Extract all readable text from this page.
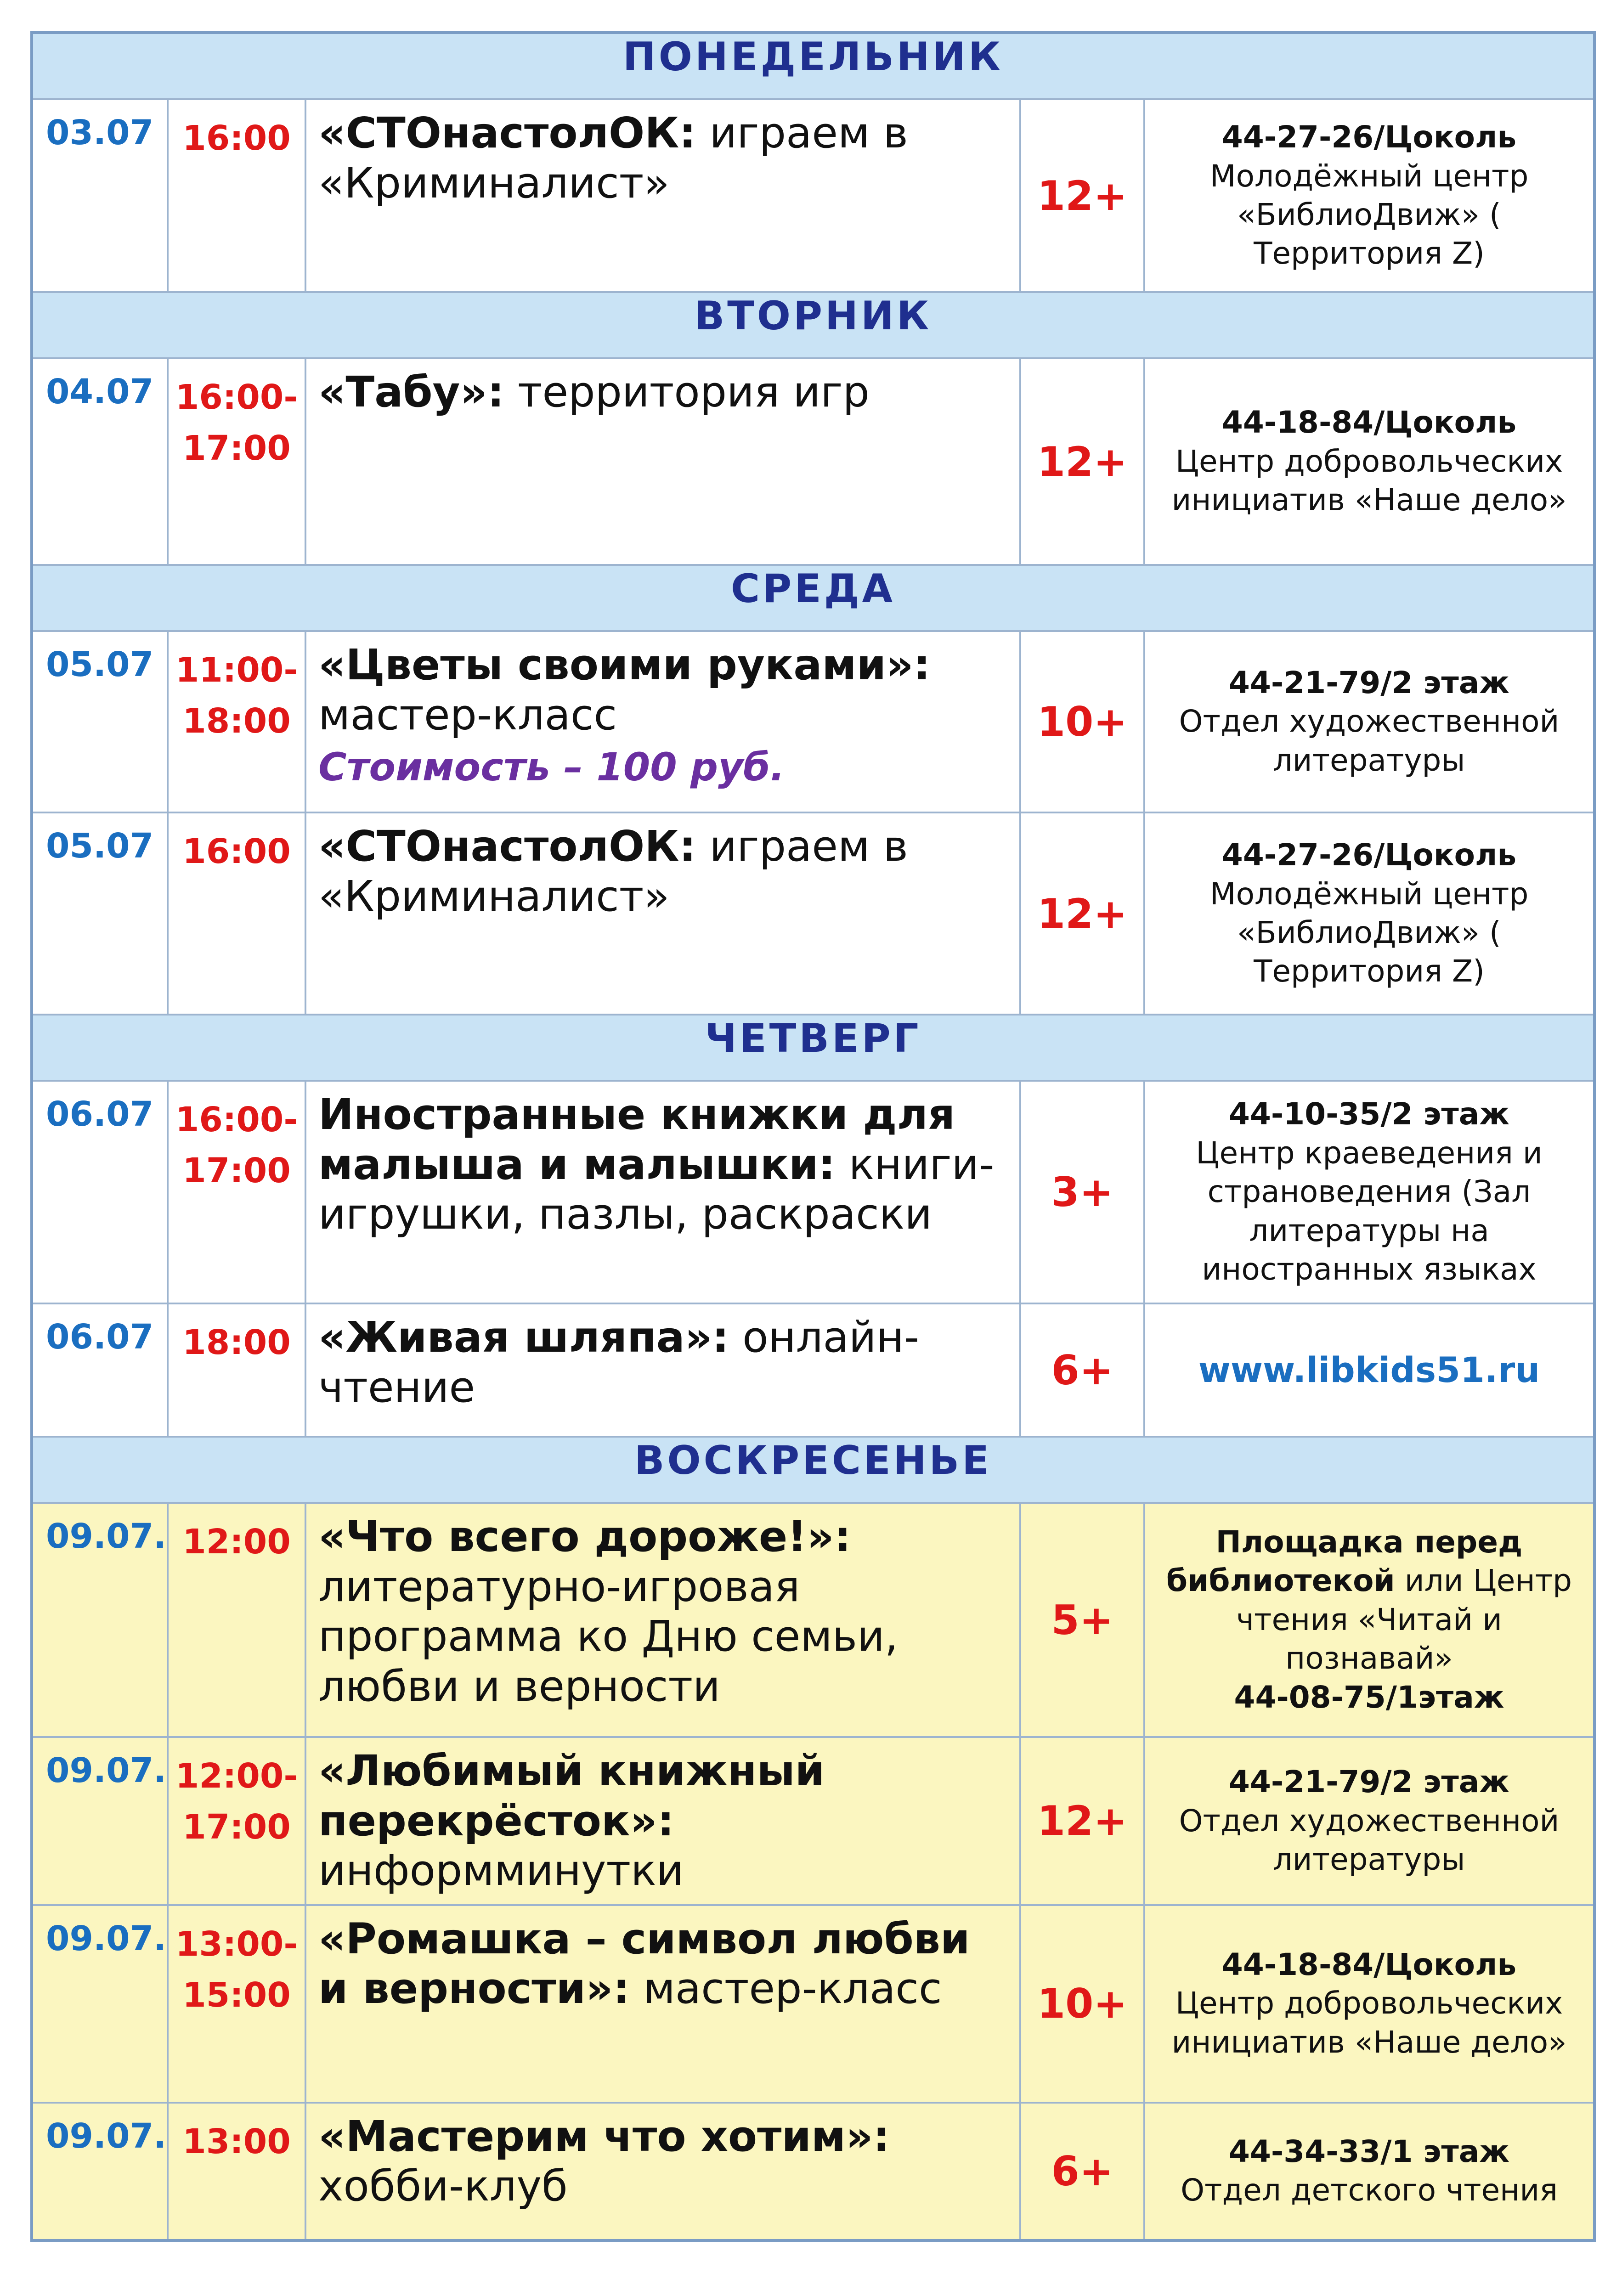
ПОНЕДЕЛЬНИК				
03.07	16:00	«СТОнастолОК: играем в «Криминалист»	12+	44-27-26/Цоколь
Молодёжный центр «БиблиоДвиж» ( Территория Z)
ВТОРНИК				
04.07	16:00-17:00	«Табу»: территория игр	12+	44-18-84/Цоколь
Центр добровольческих инициатив «Наше дело»
СРЕДА				
05.07	11:00-18:00	«Цветы своими руками»: мастер-класс
Стоимость – 100 руб.	10+	44-21-79/2 этаж
Отдел художественной литературы
05.07	16:00	«СТОнастолОК: играем в «Криминалист»	12+	44-27-26/Цоколь
Молодёжный центр «БиблиоДвиж» ( Территория Z)
ЧЕТВЕРГ				
06.07	16:00-17:00	Иностранные книжки для малыша и малышки: книги-игрушки, пазлы, раскраски	3+	44-10-35/2 этаж
Центр краеведения и страноведения (Зал литературы на иностранных языках
06.07	18:00	«Живая шляпа»: онлайн-чтение	6+	www.libkids51.ru
ВОСКРЕСЕНЬЕ				
09.07.	12:00	«Что всего дороже!»: литературно-игровая программа ко Дню семьи, любви и верности	5+	Площадка перед библиотекой или Центр чтения «Читай и познавай»
44-08-75/1этаж
09.07.	12:00-17:00	«Любимый книжный перекрёсток»: информминутки	12+	44-21-79/2 этаж
Отдел художественной литературы
09.07.	13:00-15:00	«Ромашка – символ любви и верности»: мастер-класс	10+	44-18-84/Цоколь
Центр добровольческих инициатив «Наше дело»
09.07.	13:00	«Мастерим что хотим»: хобби-клуб	6+	44-34-33/1 этаж
Отдел детского чтения
